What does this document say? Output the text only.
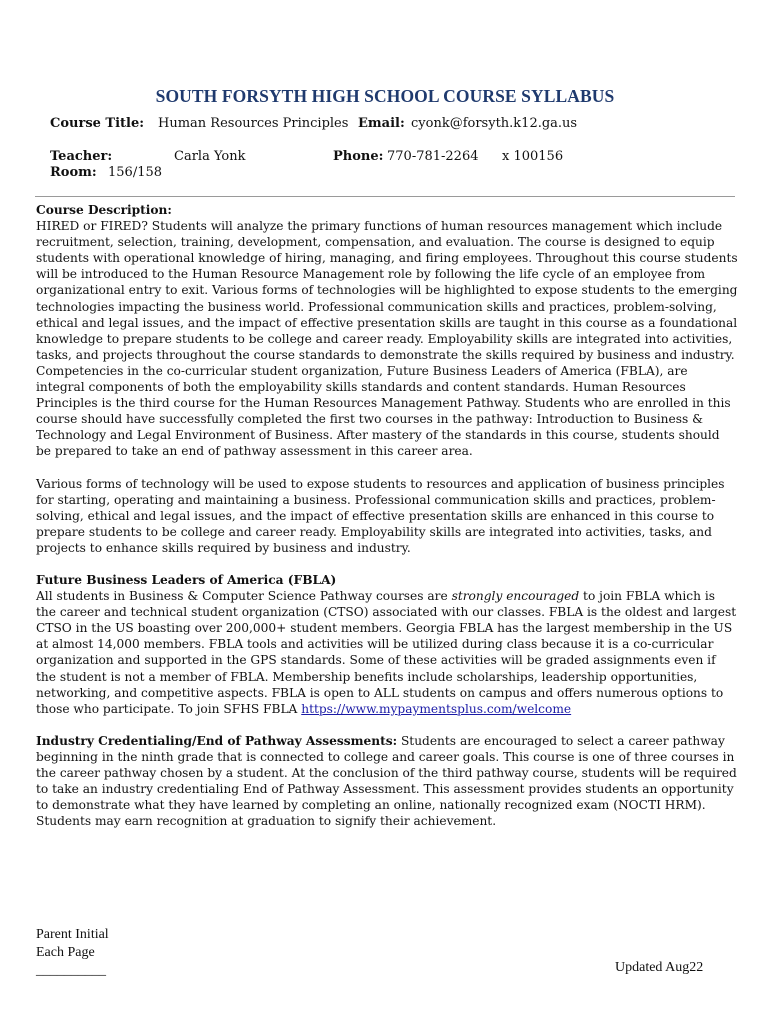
SOUTH FORSYTH HIGH SCHOOL COURSE SYLLABUS
Course Title: Human Resources Principles Email: cyonk@forsyth.k12.ga.us
Teacher:	Carla Yonk	Phone: 770-781-2264 x 100156
Room: 156/158

Course Description:

HIRED or FIRED? Students will analyze the primary functions of human resources management which include recruitment, selection, training, development, compensation, and evaluation. The course is designed to equip students with operational knowledge of hiring, managing, and firing employees. Throughout this course students will be introduced to the Human Resource Management role by following the life cycle of an employee from organizational entry to exit. Various forms of technologies will be highlighted to expose students to the emerging technologies impacting the business world. Professional communication skills and practices, problem-solving, ethical and legal issues, and the impact of effective presentation skills are taught in this course as a foundational knowledge to prepare students to be college and career ready. Employability skills are integrated into activities, tasks, and projects throughout the course standards to demonstrate the skills required by business and industry. Competencies in the co-curricular student organization, Future Business Leaders of America (FBLA), are integral components of both the employability skills standards and content standards. Human Resources Principles is the third course for the Human Resources Management Pathway. Students who are enrolled in this course should have successfully completed the first two courses in the pathway: Introduction to Business & Technology and Legal Environment of Business. After mastery of the standards in this course, students should be prepared to take an end of pathway assessment in this career area.

Various forms of technology will be used to expose students to resources and application of business principles for starting, operating and maintaining a business. Professional communication skills and practices, problem-solving, ethical and legal issues, and the impact of effective presentation skills are enhanced in this course to prepare students to be college and career ready. Employability skills are integrated into activities, tasks, and projects to enhance skills required by business and industry.

Future Business Leaders of America (FBLA)

All students in Business & Computer Science Pathway courses are strongly encouraged to join FBLA which is the career and technical student organization (CTSO) associated with our classes. FBLA is the oldest and largest CTSO in the US boasting over 200,000+ student members. Georgia FBLA has the largest membership in the US at almost 14,000 members. FBLA tools and activities will be utilized during class because it is a co-curricular organization and supported in the GPS standards. Some of these activities will be graded assignments even if the student is not a member of FBLA. Membership benefits include scholarships, leadership opportunities, networking, and competitive aspects. FBLA is open to ALL students on campus and offers numerous options to those who participate. To join SFHS FBLA https://www.mypaymentsplus.com/welcome

Industry Credentialing/End of Pathway Assessments: Students are encouraged to select a career pathway beginning in the ninth grade that is connected to college and career goals. This course is one of three courses in the career pathway chosen by a student. At the conclusion of the third pathway course, students will be required to take an industry credentialing End of Pathway Assessment. This assessment provides students an opportunity to demonstrate what they have learned by completing an online, nationally recognized exam (NOCTI HRM). Students may earn recognition at graduation to signify their achievement.

Parent Initial
Each Page
__________	Updated Aug22
